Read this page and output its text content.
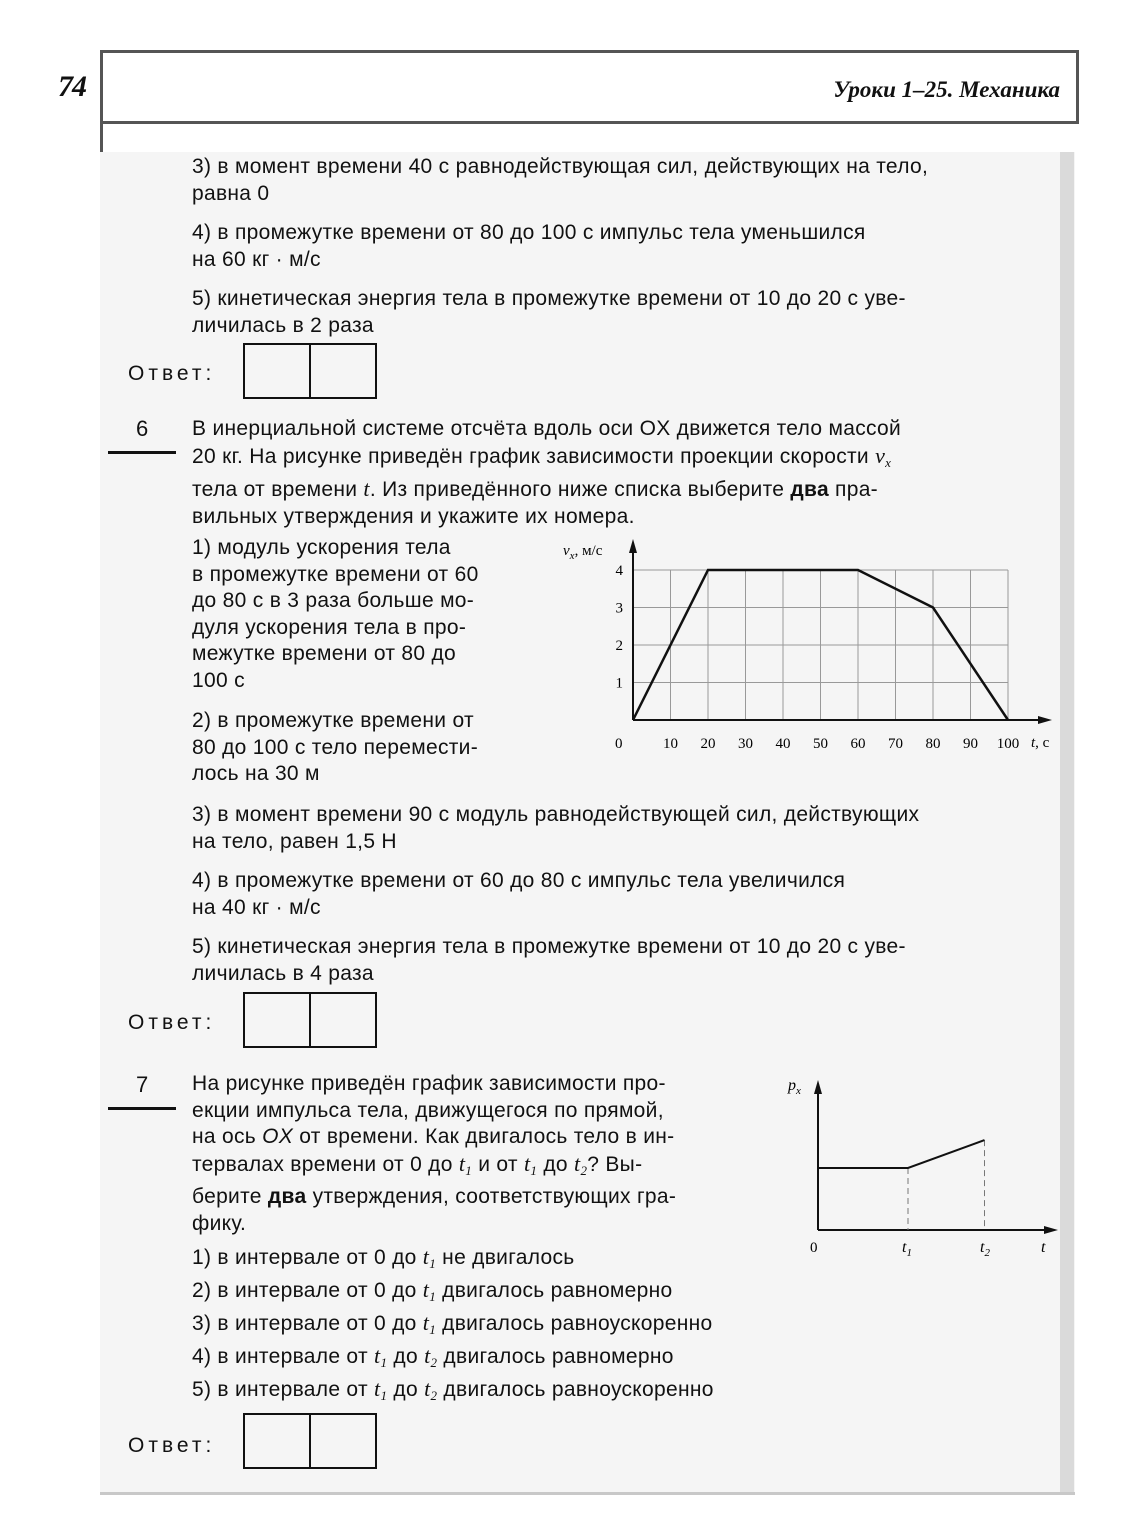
74	Уроки 1–25. Механика
3) в момент времени 40 с равнодействующая сил, действующих на тело,
равна 0
4) в промежутке времени от 80 до 100 с импульс тела уменьшился
на 60 кг · м/с
5) кинетическая энергия тела в промежутке времени от 10 до 20 с уве-
личилась в 2 раза
Ответ:
6 В инерциальной системе отсчёта вдоль оси OX движется тело массой
20 кг. На рисунке приведён график зависимости проекции скорости $v_x$
тела от времени t. Из приведённого ниже списка выберите два пра-
вильных утверждения и укажите их номера.
1) модуль ускорения тела
в промежутке времени от 60
до 80 с в 3 раза больше мо-
дуля ускорения тела в про-
межутке времени от 80 до
100 с
2) в промежутке времени от
80 до 100 с тело перемести-
лось на 30 м
0	10 20 30 40 50 60 70 80 90 100
1
2
3
4
$v_x$, м/с
t, с
3) в момент времени 90 с модуль равнодействующей сил, действующих
на тело, равен 1,5 Н
4) в промежутке времени от 60 до 80 с импульс тела увеличился
на 40 кг · м/с
5) кинетическая энергия тела в промежутке времени от 10 до 20 с уве-
личилась в 4 раза
Ответ:
7 На рисунке приведён график зависимости про-
екции импульса тела, движущегося по прямой,
на ось OX от времени. Как двигалось тело в ин-
тервалах времени от 0 до $t_1$ и от $t_1$ до $t_2$? Вы-
берите два утверждения, соответствующих гра-
фику.
1) в интервале от 0 до $t_1$ не двигалось
2) в интервале от 0 до $t_1$ двигалось равномерно
3) в интервале от 0 до $t_1$ двигалось равноускоренно
4) в интервале от $t_1$ до $t_2$ двигалось равномерно
5) в интервале от $t_1$ до $t_2$ двигалось равноускоренно
$p_x$
0	$t_1$	$t_2$	t
Ответ:
